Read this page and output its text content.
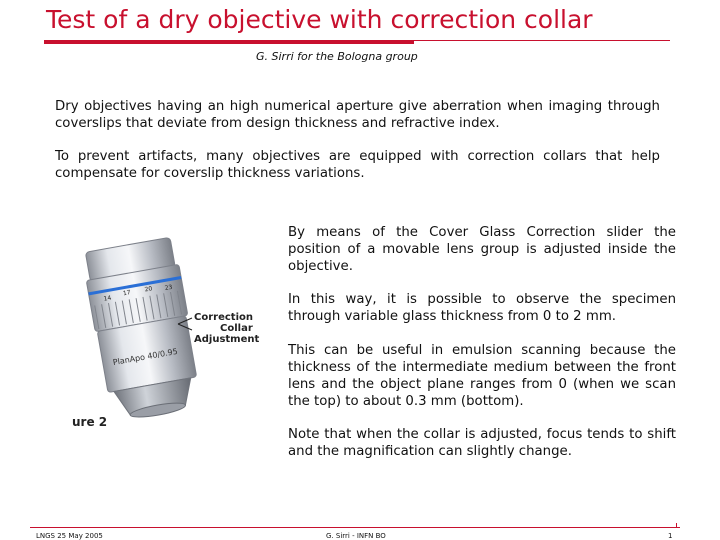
Test of a dry objective with correction collar
G. Sirri for the Bologna group

Dry objectives having an high numerical aperture give aberration when imaging through coverslips that deviate from design thickness and refractive index.

To prevent artifacts, many objectives are equipped with correction collars that help compensate for coverslip thickness variations.

14
17 20 23
PlanApo 40/0.95
Correction
Collar
Adjustment
ure 2

By means of the Cover Glass Correction slider the position of a movable lens group is adjusted inside the objective.

In this way, it is possible to observe the specimen through variable glass thickness from 0 to 2 mm.

This can be useful in emulsion scanning because the thickness of the intermediate medium between the front lens and the object plane ranges from 0 (when we scan the top) to about 0.3 mm (bottom).

Note that when the collar is adjusted, focus tends to shift and the magnification can slightly change.

LNGS 25 May 2005	G. Sirri - INFN BO	1
